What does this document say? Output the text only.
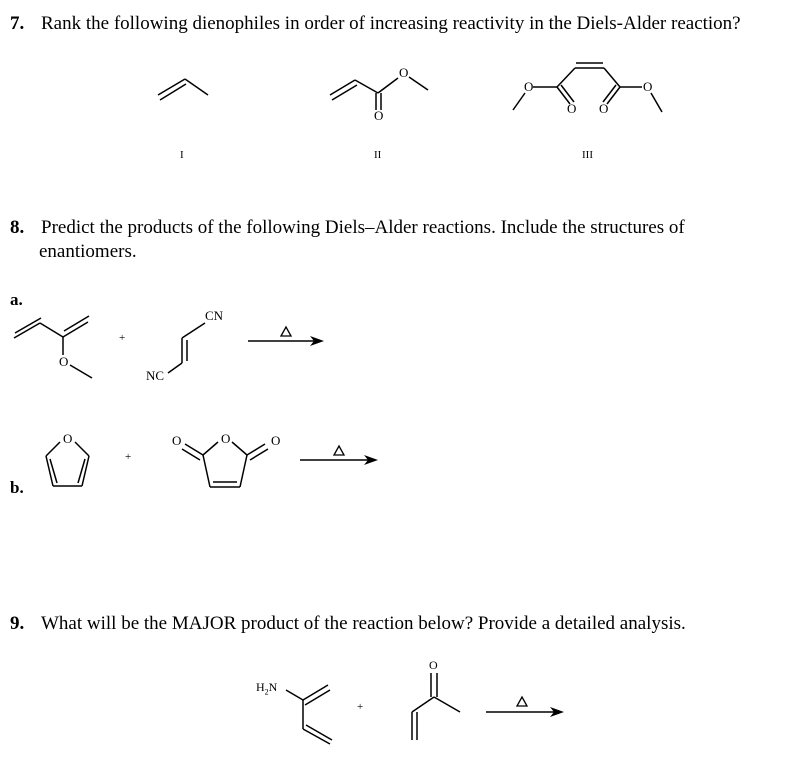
7. Rank the following dienophiles in order of increasing reactivity in the Diels-Alder reaction?
O
O
O	O
O O
I	II	III
8. Predict the products of the following Diels–Alder reactions. Include the structures of
enantiomers.
a.
O
+
CN
NC
b.
O
+
O	O	O
9. What will be the MAJOR product of the reaction below? Provide a detailed analysis.
$H_2N$
+
O
